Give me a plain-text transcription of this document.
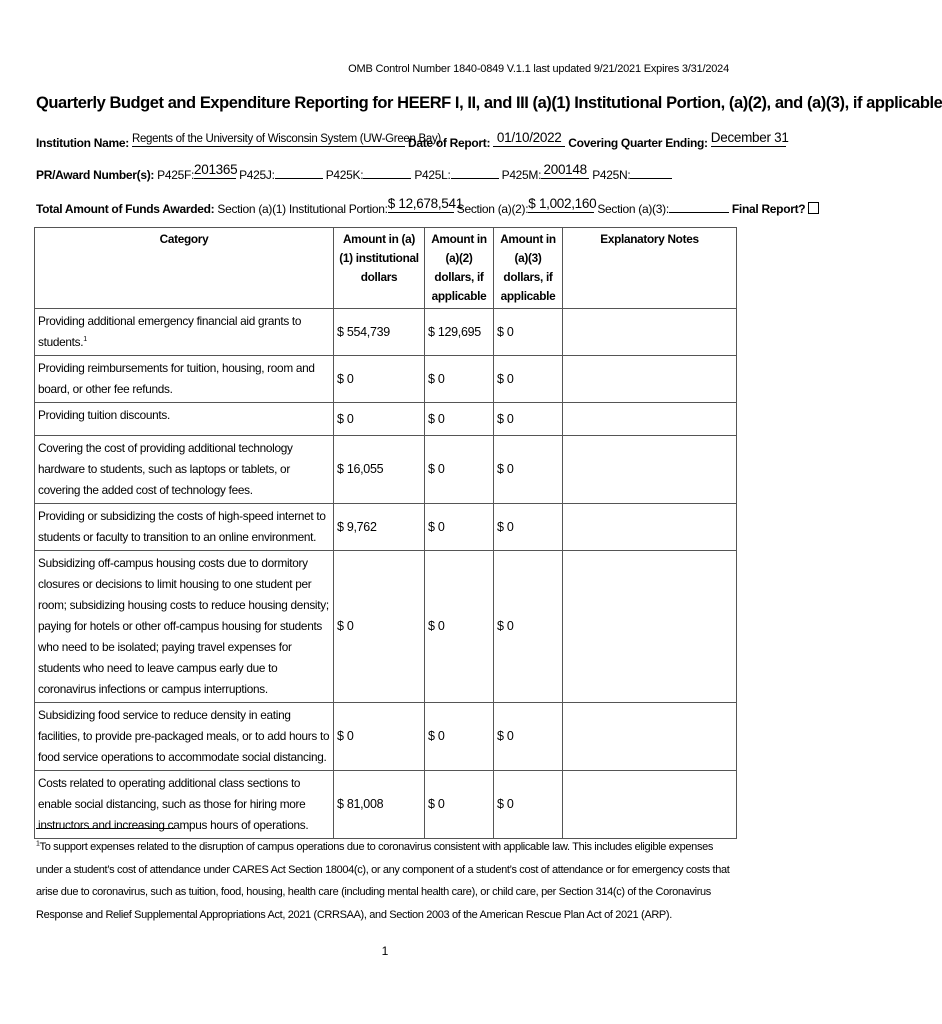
OMB Control Number 1840-0849 V.1.1 last updated 9/21/2021 Expires 3/31/2024
Quarterly Budget and Expenditure Reporting for HEERF I, II, and III (a)(1) Institutional Portion, (a)(2), and (a)(3), if applicable
Institution Name: Regents of the University of Wisconsin System (UW-Green Bay)
Date of Report: 01/10/2022 Covering Quarter Ending: December 31
PR/Award Number(s): P425F: 201365 P425J:	P425K:	P425L:	P425M: 200148 P425N:
Total Amount of Funds Awarded: Section (a)(1) Institutional Portion: $ 12,678,541
Section (a)(2): $ 1,002,160 Section (a)(3):	Final Report?
Category	Amount in (a)(1) institutional dollars	Amount in (a)(2) dollars, if applicable	Amount in (a)(3) dollars, if applicable	Explanatory Notes
Providing additional emergency financial aid grants to students.$^1$	$ 554,739	$ 129,695	$ 0	
Providing reimbursements for tuition, housing, room and board, or other fee refunds.	$ 0	$ 0	$ 0	
Providing tuition discounts.	$ 0	$ 0	$ 0	
Covering the cost of providing additional technology hardware to students, such as laptops or tablets, or covering the added cost of technology fees.	$ 16,055	$ 0	$ 0	
Providing or subsidizing the costs of high-speed internet to students or faculty to transition to an online environment.	$ 9,762	$ 0	$ 0	
Subsidizing off-campus housing costs due to dormitory closures or decisions to limit housing to one student per room; subsidizing housing costs to reduce housing density; paying for hotels or other off-campus housing for students who need to be isolated; paying travel expenses for students who need to leave campus early due to coronavirus infections or campus interruptions.	$ 0	$ 0	$ 0	
Subsidizing food service to reduce density in eating facilities, to provide pre-packaged meals, or to add hours to food service operations to accommodate social distancing.	$ 0	$ 0	$ 0	
Costs related to operating additional class sections to enable social distancing, such as those for hiring more instructors and increasing campus hours of operations.	$ 81,008	$ 0	$ 0	
$^1$To support expenses related to the disruption of campus operations due to coronavirus consistent with applicable law. This includes eligible expenses under a student’s cost of attendance under CARES Act Section 18004(c), or any component of a student’s cost of attendance or for emergency costs that arise due to coronavirus, such as tuition, food, housing, health care (including mental health care), or child care, per Section 314(c) of the Coronavirus Response and Relief Supplemental Appropriations Act, 2021 (CRRSAA), and Section 2003 of the American Rescue Plan Act of 2021 (ARP).
1
